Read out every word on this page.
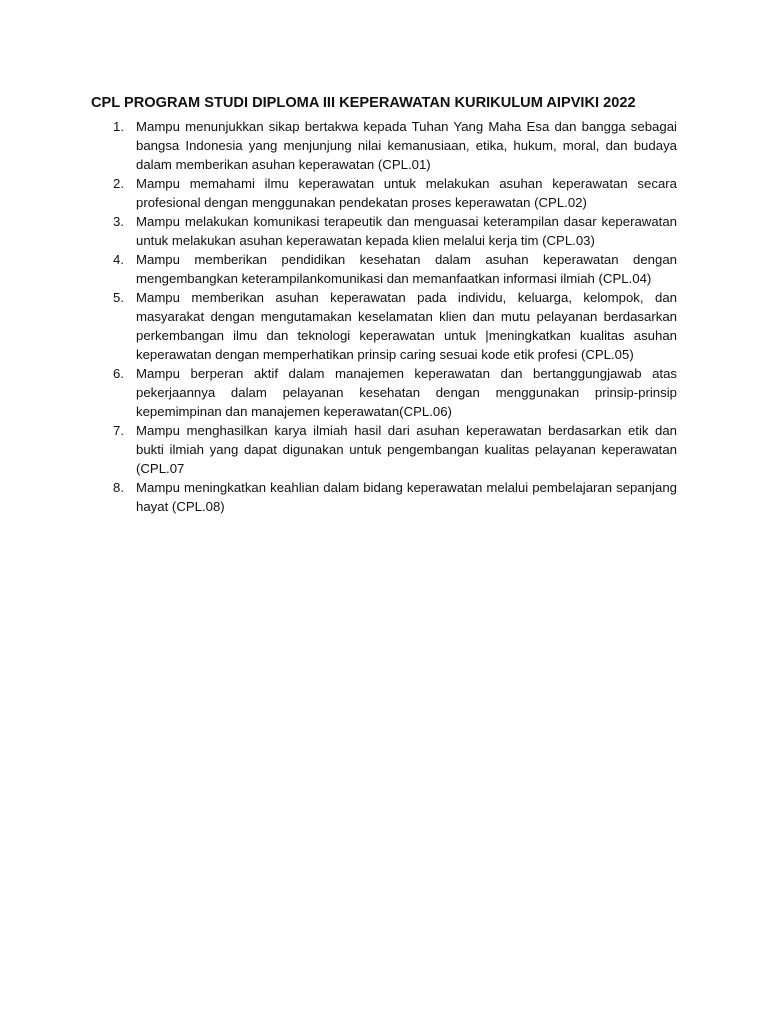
CPL PROGRAM STUDI DIPLOMA III KEPERAWATAN KURIKULUM AIPVIKI 2022
1. Mampu menunjukkan sikap bertakwa kepada Tuhan Yang Maha Esa dan bangga sebagai bangsa Indonesia yang menjunjung nilai kemanusiaan, etika, hukum, moral, dan budaya dalam memberikan asuhan keperawatan (CPL.01)
2. Mampu memahami ilmu keperawatan untuk melakukan asuhan keperawatan secara profesional dengan menggunakan pendekatan proses keperawatan (CPL.02)
3. Mampu melakukan komunikasi terapeutik dan menguasai keterampilan dasar keperawatan untuk melakukan asuhan keperawatan kepada klien melalui kerja tim (CPL.03)
4. Mampu memberikan pendidikan kesehatan dalam asuhan keperawatan dengan mengembangkan keterampilankomunikasi dan memanfaatkan informasi ilmiah (CPL.04)
5. Mampu memberikan asuhan keperawatan pada individu, keluarga, kelompok, dan masyarakat dengan mengutamakan keselamatan klien dan mutu pelayanan berdasarkan perkembangan ilmu dan teknologi keperawatan untuk |meningkatkan kualitas asuhan keperawatan dengan memperhatikan prinsip caring sesuai kode etik profesi (CPL.05)
6. Mampu berperan aktif dalam manajemen keperawatan dan bertanggungjawab atas pekerjaannya dalam pelayanan kesehatan dengan menggunakan prinsip-prinsip kepemimpinan dan manajemen keperawatan(CPL.06)
7. Mampu menghasilkan karya ilmiah hasil dari asuhan keperawatan berdasarkan etik dan bukti ilmiah yang dapat digunakan untuk pengembangan kualitas pelayanan keperawatan (CPL.07
8. Mampu meningkatkan keahlian dalam bidang keperawatan melalui pembelajaran sepanjang hayat (CPL.08)
